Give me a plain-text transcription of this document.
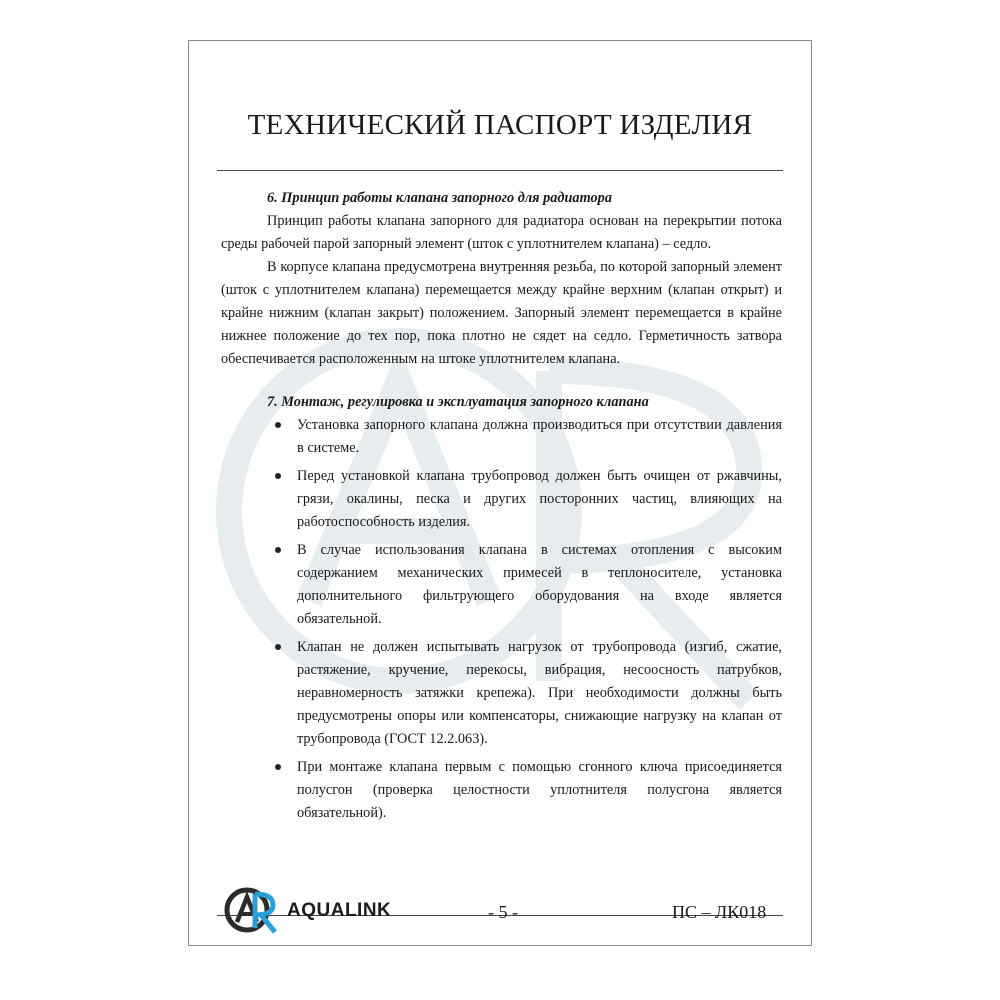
ТЕХНИЧЕСКИЙ ПАСПОРТ ИЗДЕЛИЯ

6. Принцип работы клапана запорного для радиатора

Принцип работы клапана запорного для радиатора основан на перекрытии потока среды рабочей парой запорный элемент (шток с уплотнителем клапана) – седло.

В корпусе клапана предусмотрена внутренняя резьба, по которой запорный элемент (шток с уплотнителем клапана) перемещается между крайне верхним (клапан открыт) и крайне нижним (клапан закрыт) положением. Запорный элемент перемещается в крайне нижнее положение до тех пор, пока плотно не сядет на седло. Герметичность затвора обеспечивается расположенным на штоке уплотнителем клапана.

7. Монтаж, регулировка и эксплуатация запорного клапана

Установка запорного клапана должна производиться при отсутствии давления в системе.
Перед установкой клапана трубопровод должен быть очищен от ржавчины, грязи, окалины, песка и других посторонних частиц, влияющих на работоспособность изделия.
В случае использования клапана в системах отопления с высоким содержанием механических примесей в теплоносителе, установка дополнительного фильтрующего оборудования на входе является обязательной.
Клапан не должен испытывать нагрузок от трубопровода (изгиб, сжатие, растяжение, кручение, перекосы, вибрация, несоосность патрубков, неравномерность затяжки крепежа). При необходимости должны быть предусмотрены опоры или компенсаторы, снижающие нагрузку на клапан от трубопровода (ГОСТ 12.2.063).
При монтаже клапана первым с помощью сгонного ключа присоединяется полусгон (проверка целостности уплотнителя полусгона является обязательной).
AQUALINK	- 5 -	ПС – ЛК018
